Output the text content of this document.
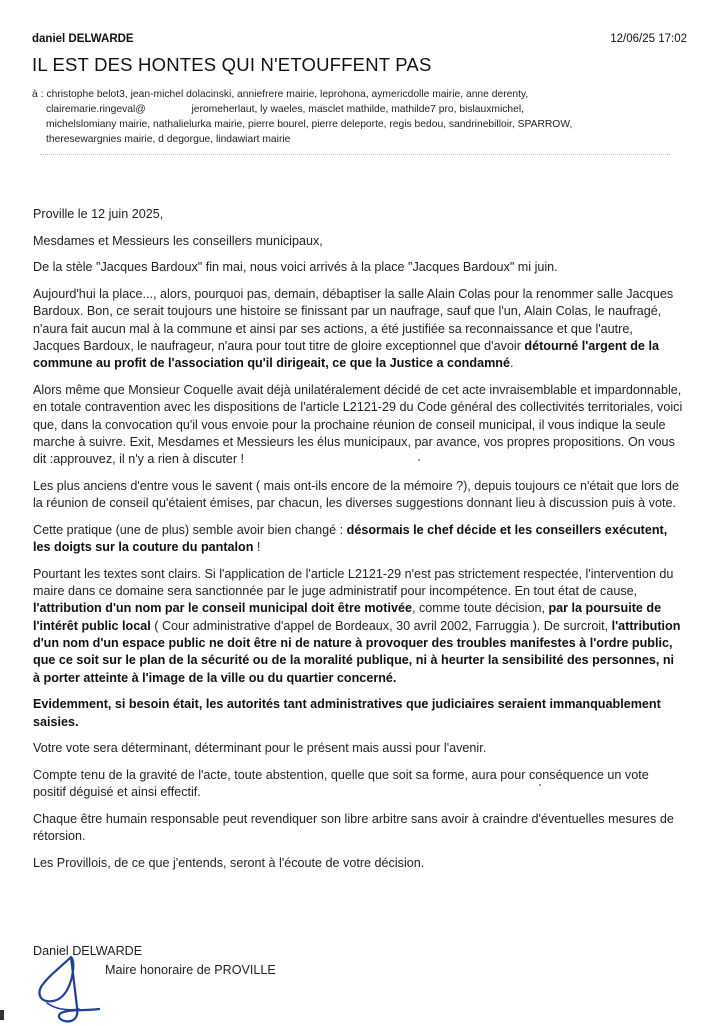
daniel DELWARDE	12/06/25 17:02
IL EST DES HONTES QUI N'ETOUFFENT PAS
à : christophe belot3, jean-michel dolacinski, anniefrere mairie, leprohona, aymericdolle mairie, anne derenty,
clairemarie.ringeval@                jeromeherlaut, ly waeles, masclet mathilde, mathilde7 pro, bislauxmichel,
michelslomiany mairie, nathalielurka mairie, pierre bourel, pierre deleporte, regis bedou, sandrinebilloir, SPARROW,
theresewargnies mairie, d degorgue, lindawiart mairie

Proville le 12 juin 2025,

Mesdames et Messieurs les conseillers municipaux,

De la stèle "Jacques Bardoux" fin mai, nous voici arrivés à la place "Jacques Bardoux" mi juin.

Aujourd'hui la place..., alors, pourquoi pas, demain, débaptiser la salle Alain Colas pour la renommer salle Jacques Bardoux. Bon, ce serait toujours une histoire se finissant par un naufrage, sauf que l'un, Alain Colas, le naufragé, n'aura fait aucun mal à la commune et ainsi par ses actions, a été justifiée sa reconnaissance et que l'autre, Jacques Bardoux, le naufrageur, n'aura pour tout titre de gloire exceptionnel que d'avoir détourné l'argent de la commune au profit de l'association qu'il dirigeait, ce que la Justice a condamné.

Alors même que Monsieur Coquelle avait déjà unilatéralement décidé de cet acte invraisemblable et impardonnable, en totale contravention avec les dispositions de l'article L2121-29 du Code général des collectivités territoriales, voici que, dans la convocation qu'il vous envoie pour la prochaine réunion de conseil municipal, il vous indique la seule marche à suivre. Exit, Mesdames et Messieurs les élus municipaux, par avance, vos propres propositions. On vous dit :approuvez, il n'y a rien à discuter !

Les plus anciens d'entre vous le savent ( mais ont-ils encore de la mémoire ?), depuis toujours ce n'était que lors de la réunion de conseil qu'étaient émises, par chacun, les diverses suggestions donnant lieu à discussion puis à vote.

Cette pratique (une de plus) semble avoir bien changé : désormais le chef décide et les conseillers exécutent, les doigts sur la couture du pantalon !

Pourtant les textes sont clairs. Si l'application de l'article L2121-29 n'est pas strictement respectée, l'intervention du maire dans ce domaine sera sanctionnée par le juge administratif pour incompétence. En tout état de cause, l'attribution d'un nom par le conseil municipal doit être motivée, comme toute décision, par la poursuite de l'intérêt public local ( Cour administrative d'appel de Bordeaux, 30 avril 2002, Farruggia ). De surcroit, l'attribution d'un nom d'un espace public ne doit être ni de nature à provoquer des troubles manifestes à l'ordre public, que ce soit sur le plan de la sécurité ou de la moralité publique, ni à heurter la sensibilité des personnes, ni à porter atteinte à l'image de la ville ou du quartier concerné.

Evidemment, si besoin était, les autorités tant administratives que judiciaires seraient immanquablement saisies.

Votre vote sera déterminant, déterminant pour le présent mais aussi pour l'avenir.

Compte tenu de la gravité de l'acte, toute abstention, quelle que soit sa forme, aura pour conséquence un vote positif déguisé et ainsi effectif.

Chaque être humain responsable peut revendiquer son libre arbitre sans avoir à craindre d'éventuelles mesures de rétorsion.

Les Provillois, de ce que j'entends, seront à l'écoute de votre décision.

Daniel DELWARDE
Maire honoraire de PROVILLE
